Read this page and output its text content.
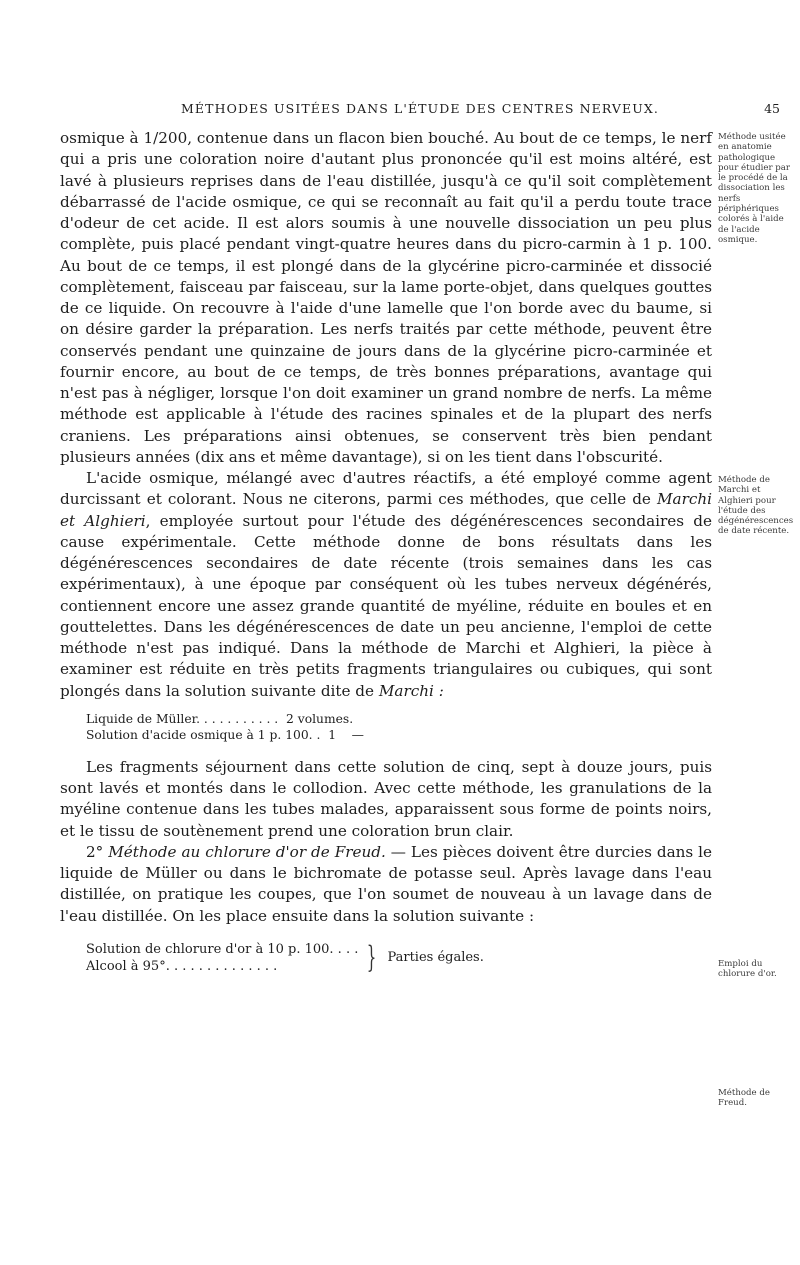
MÉTHODES USITÉES DANS L'ÉTUDE DES CENTRES NERVEUX.	45

osmique à 1/200, contenue dans un flacon bien bouché. Au bout de ce temps, le nerf qui a pris une coloration noire d'autant plus prononcée qu'il est moins altéré, est lavé à plusieurs reprises dans de l'eau distillée, jusqu'à ce qu'il soit complètement débarrassé de l'acide osmique, ce qui se reconnaît au fait qu'il a perdu toute trace d'odeur de cet acide. Il est alors soumis à une nouvelle dissociation un peu plus complète, puis placé pendant vingt-quatre heures dans du picro-carmin à 1 p. 100. Au bout de ce temps, il est plongé dans de la glycérine picro-carminée et dissocié complètement, faisceau par faisceau, sur la lame porte-objet, dans quelques gouttes de ce liquide. On recouvre à l'aide d'une lamelle que l'on borde avec du baume, si on désire garder la préparation. Les nerfs traités par cette méthode, peuvent être conservés pendant une quinzaine de jours dans de la glycérine picro-carminée et fournir encore, au bout de ce temps, de très bonnes préparations, avantage qui n'est pas à négliger, lorsque l'on doit examiner un grand nombre de nerfs. La même méthode est applicable à l'étude des racines spinales et de la plupart des nerfs craniens. Les préparations ainsi obtenues, se conservent très bien pendant plusieurs années (dix ans et même davantage), si on les tient dans l'obscurité.

L'acide osmique, mélangé avec d'autres réactifs, a été employé comme agent durcissant et colorant. Nous ne citerons, parmi ces méthodes, que celle de Marchi et Alghieri, employée surtout pour l'étude des dégénérescences secondaires de cause expérimentale. Cette méthode donne de bons résultats dans les dégénérescences secondaires de date récente (trois semaines dans les cas expérimentaux), à une époque par conséquent où les tubes nerveux dégénérés, contiennent encore une assez grande quantité de myéline, réduite en boules et en gouttelettes. Dans les dégénérescences de date un peu ancienne, l'emploi de cette méthode n'est pas indiqué. Dans la méthode de Marchi et Alghieri, la pièce à examiner est réduite en très petits fragments triangulaires ou cubiques, qui sont plongés dans la solution suivante dite de Marchi :

Liquide de Müller. . . . . . . . . . .  2 volumes.
Solution d'acide osmique à 1 p. 100. .  1    —

Les fragments séjournent dans cette solution de cinq, sept à douze jours, puis sont lavés et montés dans le collodion. Avec cette méthode, les granulations de la myéline contenue dans les tubes malades, apparaissent sous forme de points noirs, et le tissu de soutènement prend une coloration brun clair.

2° Méthode au chlorure d'or de Freud. — Les pièces doivent être durcies dans le liquide de Müller ou dans le bichromate de potasse seul. Après lavage dans l'eau distillée, on pratique les coupes, que l'on soumet de nouveau à un lavage dans de l'eau distillée. On les place ensuite dans la solution suivante :

Solution de chlorure d'or à 10 p. 100. . . .
Alcool à 95°. . . . . . . . . . . . . .	} Parties égales.
Méthode usitée en anatomie pathologique pour étudier par le procédé de la dissociation les nerfs périphériques colorés à l'aide de l'acide osmique.
Méthode de Marchi et Alghieri pour l'étude des dégénérescences de date récente.
Emploi du chlorure d'or.
Méthode de Freud.
